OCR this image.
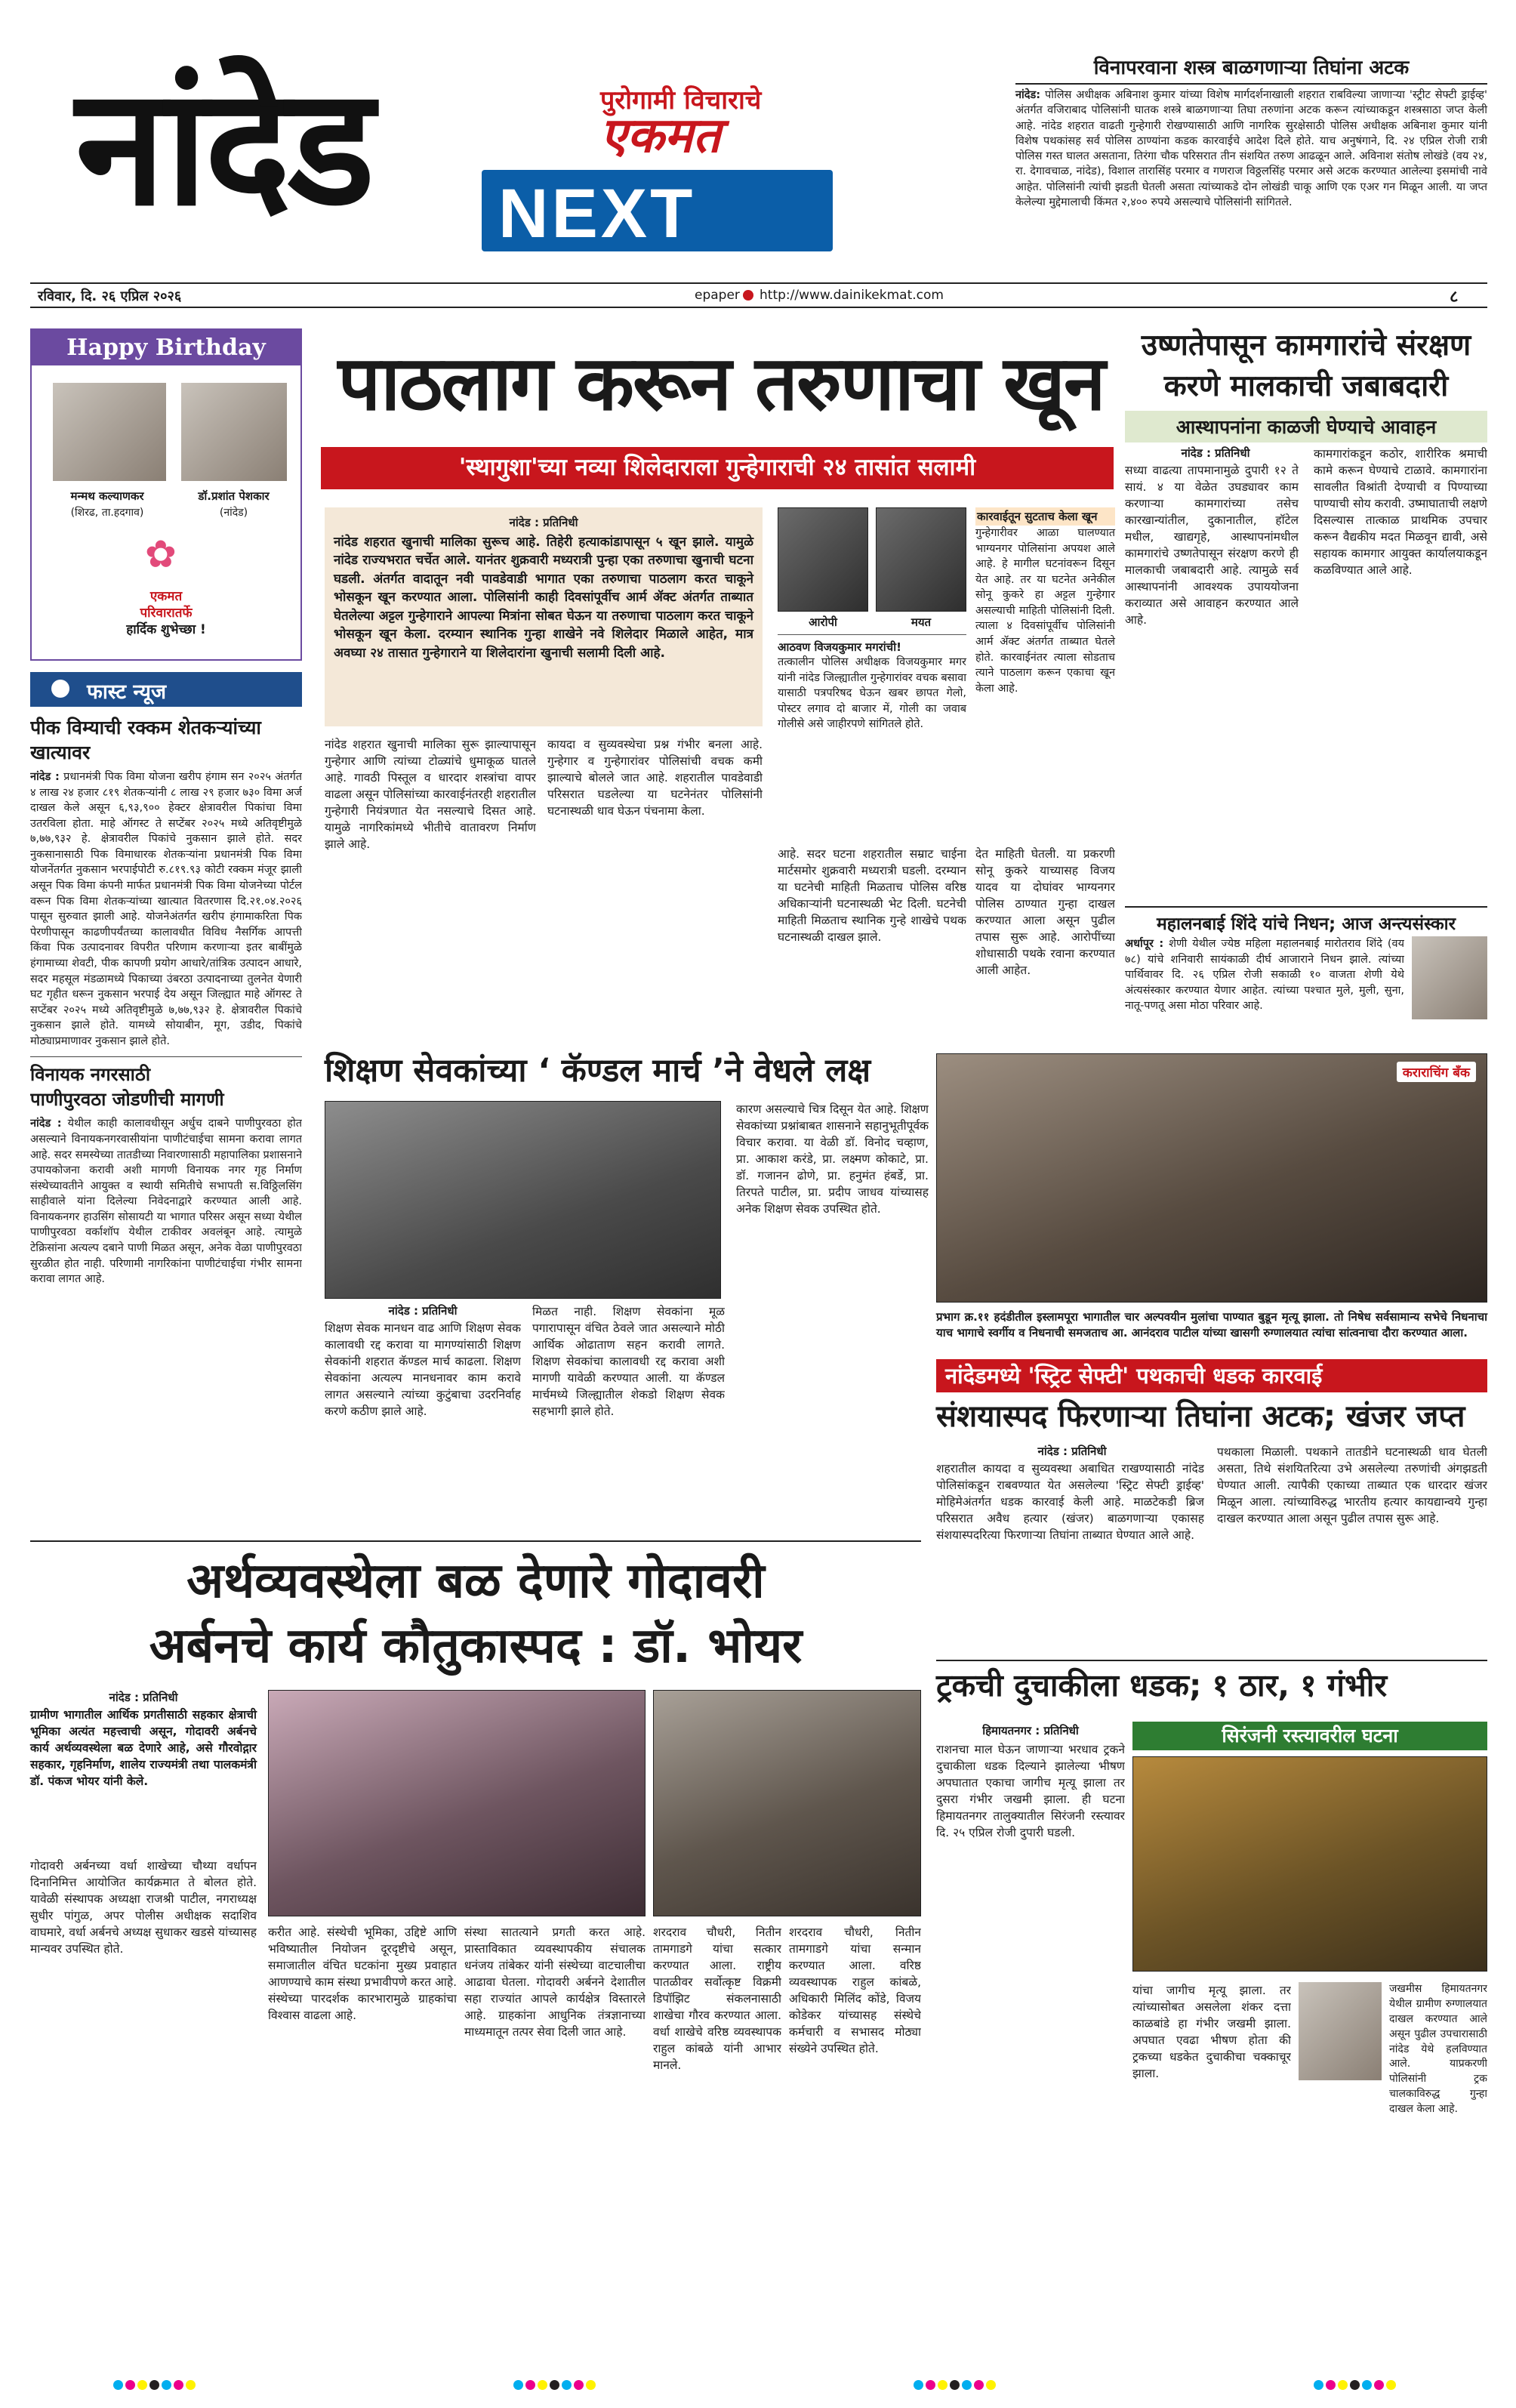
नांदेड	पुरोगामी विचाराचे
एकमत
NEXT
रविवार, दि. २६ एप्रिल २०२६	epaper http://www.dainikekmat.com	८
विनापरवाना शस्त्र बाळगणाऱ्या तिघांना अटक
नांदेड: पोलिस अधीक्षक अबिनाश कुमार यांच्या विशेष मार्गदर्शनाखाली शहरात राबविल्या जाणाऱ्या 'स्ट्रीट सेफ्टी ड्राईव्ह' अंतर्गत वजिराबाद पोलिसांनी घातक शस्त्रे बाळगणाऱ्या तिघा तरुणांना अटक करून त्यांच्याकडून शस्त्रसाठा जप्त केली आहे. नांदेड शहरात वाढती गुन्हेगारी रोखण्यासाठी आणि नागरिक सुरक्षेसाठी पोलिस अधीक्षक अबिनाश कुमार यांनी विशेष पथकांसह सर्व पोलिस ठाण्यांना कडक कारवाईचे आदेश दिले होते. याच अनुषंगाने, दि. २४ एप्रिल रोजी रात्री पोलिस गस्त घालत असताना, तिरंगा चौक परिसरात तीन संशयित तरुण आढळून आले. अविनाश संतोष लोखंडे (वय २४, रा. देगावचाळ, नांदेड), विशाल तारासिंह परमार व गणराज विठ्ठलसिंह परमार असे अटक करण्यात आलेल्या इसमांची नावे आहेत. पोलिसांनी त्यांची झडती घेतली असता त्यांच्याकडे दोन लोखंडी चाकू आणि एक एअर गन मिळून आली. या जप्त केलेल्या मुद्देमालाची किंमत २,४०० रुपये असल्याचे पोलिसांनी सांगितले.
Happy Birthday
मन्मथ कल्याणकर
(शिरढ, ता.हदगाव)
डॉ.प्रशांत पेशकार
(नांदेड)
✿
एकमत
परिवारातर्फे
हार्दिक शुभेच्छा !
फास्ट न्यूज
पीक विम्याची रक्कम शेतकऱ्यांच्या खात्यावर
नांदेड : प्रधानमंत्री पिक विमा योजना खरीप हंगाम सन २०२५ अंतर्गत ४ लाख २४ हजार ८१९ शेतकऱ्यांनी ८ लाख २९ हजार ७३० विमा अर्ज दाखल केले असून ६,९३,९०० हेक्टर क्षेत्रावरील पिकांचा विमा उतरविला होता. माहे ऑगस्ट ते सप्टेंबर २०२५ मध्ये अतिवृष्टीमुळे ७,७७,९३२ हे. क्षेत्रावरील पिकांचे नुकसान झाले होते. सदर नुकसानासाठी पिक विमाधारक शेतकऱ्यांना प्रधानमंत्री पिक विमा योजनेंतर्गत नुकसान भरपाईपोटी रु.८१९.९३ कोटी रक्कम मंजूर झाली असून पिक विमा कंपनी मार्फत प्रधानमंत्री पिक विमा योजनेच्या पोर्टल वरून पिक विमा शेतकऱ्यांच्या खात्यात वितरणास दि.२१.०४.२०२६ पासून सुरुवात झाली आहे. योजनेअंतर्गत खरीप हंगामाकरिता पिक पेरणीपासून काढणीपर्यंतच्या कालावधीत विविध नैसर्गिक आपत्ती किंवा पिक उत्पादनावर विपरीत परिणाम करणाऱ्या इतर बाबींमुळे हंगामाच्या शेवटी, पीक कापणी प्रयोग आधारे/तांत्रिक उत्पादन आधारे, सदर महसूल मंडळामध्ये पिकाच्या उंबरठा उत्पादनाच्या तुलनेत येणारी घट गृहीत धरून नुकसान भरपाई देय असून जिल्ह्यात माहे ऑगस्ट ते सप्टेंबर २०२५ मध्ये अतिवृष्टीमुळे ७,७७,९३२ हे. क्षेत्रावरील पिकांचे नुकसान झाले होते. यामध्ये सोयाबीन, मूग, उडीद, पिकांचे मोठ्याप्रमाणावर नुकसान झाले होते.
विनायक नगरसाठी
पाणीपुरवठा जोडणीची मागणी
नांदेड : येथील काही कालावधीसून अर्धुच दाबने पाणीपुरवठा होत असल्याने विनायकनगरवासीयांना पाणीटंचाईचा सामना करावा लागत आहे. सदर समस्येच्या तातडीच्या निवारणासाठी महापालिका प्रशासनाने उपायकोजना करावी अशी मागणी विनायक नगर गृह निर्माण संस्थेच्यावतीने आयुक्त व स्थायी समितीचे सभापती स.विठ्ठिलसिंग साहीवाले यांना दिलेल्या निवेदनाद्वारे करण्यात आली आहे. विनायकनगर हाउसिंग सोसायटी या भागात परिसर असून सध्या येथील पाणीपुरवठा वर्काशॉप येथील टाकीवर अवलंबून आहे. त्यामुळे टेक्रिसांना अत्यल्प दबाने पाणी मिळत असून, अनेक वेळा पाणीपुरवठा सुरळीत होत नाही. परिणामी नागरिकांना पाणीटंचाईचा गंभीर सामना करावा लागत आहे.
पाठलाग करून तरुणाचा खून
'स्थागुशा'च्या नव्या शिलेदाराला गुन्हेगाराची २४ तासांत सलामी
नांदेड : प्रतिनिधी
नांदेड शहरात खुनाची मालिका सुरूच आहे. तिहेरी हत्याकांडापासून ५ खून झाले. यामुळे नांदेड राज्यभरात चर्चेत आले. यानंतर शुक्रवारी मध्यरात्री पुन्हा एका तरुणाचा खुनाची घटना घडली. अंतर्गत वादातून नवी पावडेवाडी भागात एका तरुणाचा पाठलाग करत चाकूने भोसकून खून करण्यात आला. पोलिसांनी काही दिवसांपूर्वीच आर्म ॲक्ट अंतर्गत ताब्यात घेतलेल्या अट्टल गुन्हेगाराने आपल्या मित्रांना सोबत घेऊन या तरुणाचा पाठलाग करत चाकूने भोसकून खून केला. दरम्यान स्थानिक गुन्हा शाखेने नवे शिलेदार मिळाले आहेत, मात्र अवघ्या २४ तासात गुन्हेगाराने या शिलेदारांना खुनाची सलामी दिली आहे.
आरोपी	मयत
आठवण विजयकुमार मगरांची!
तत्कालीन पोलिस अधीक्षक विजयकुमार मगर यांनी नांदेड जिल्ह्यातील गुन्हेगारांवर वचक बसावा यासाठी पत्रपरिषद घेऊन खबर छापत गेलो, पोस्टर लगाव दो बाजार में, गोली का जवाब गोलीसे असे जाहीरपणे सांगितले होते.
कारवाईतून सुटताच केला खून
गुन्हेगारीवर आळा घालण्यात भाग्यनगर पोलिसांना अपयश आले आहे. हे मागील घटनांवरून दिसून येत आहे. तर या घटनेत अनेकील सोनू कुकरे हा अट्टल गुन्हेगार असल्याची माहिती पोलिसांनी दिली. त्याला ४ दिवसांपूर्वीच पोलिसांनी आर्म ॲक्ट अंतर्गत ताब्यात घेतले होते. कारवाईनंतर त्याला सोडताच त्याने पाठलाग करून एकाचा खून केला आहे.
नांदेड शहरात खुनाची मालिका सुरू झाल्यापासून गुन्हेगार आणि त्यांच्या टोळ्यांचे धुमाकूळ घातले आहे. गावठी पिस्तूल व धारदार शस्त्रांचा वापर वाढला असून पोलिसांच्या कारवाईनंतरही शहरातील गुन्हेगारी नियंत्रणात येत नसल्याचे दिसत आहे. यामुळे नागरिकांमध्ये भीतीचे वातावरण निर्माण झाले आहे.
कायदा व सुव्यवस्थेचा प्रश्न गंभीर बनला आहे. गुन्हेगार व गुन्हेगारांवर पोलिसांची वचक कमी झाल्याचे बोलले जात आहे. शहरातील पावडेवाडी परिसरात घडलेल्या या घटनेनंतर पोलिसांनी घटनास्थळी धाव घेऊन पंचनामा केला.
आहे. सदर घटना शहरातील सम्राट चाईना मार्टसमोर शुक्रवारी मध्यरात्री घडली. दरम्यान या घटनेची माहिती मिळताच पोलिस वरिष्ठ अधिकाऱ्यांनी घटनास्थळी भेट दिली. घटनेची माहिती मिळताच स्थानिक गुन्हे शाखेचे पथक घटनास्थळी दाखल झाले.
देत माहिती घेतली. या प्रकरणी सोनू कुकरे याच्यासह विजय यादव या दोघांवर भाग्यनगर पोलिस ठाण्यात गुन्हा दाखल करण्यात आला असून पुढील तपास सुरू आहे. आरोपींच्या शोधासाठी पथके रवाना करण्यात आली आहेत.
उष्णतेपासून कामगारांचे संरक्षण
करणे मालकाची जबाबदारी
आस्थापनांना काळजी घेण्याचे आवाहन
नांदेड : प्रतिनिधी
सध्या वाढत्या तापमानामुळे दुपारी १२ ते सायं. ४ या वेळेत उघड्यावर काम करणाऱ्या कामगारांच्या तसेच कारखान्यांतील, दुकानातील, हॉटेल मधील, खाद्यगृहे, आस्थापनांमधील कामगारांचे उष्णतेपासून संरक्षण करणे ही मालकाची जबाबदारी आहे. त्यामुळे सर्व आस्थापनांनी आवश्यक उपाययोजना कराव्यात असे आवाहन करण्यात आले आहे.
कामगारांकडून कठोर, शारीरिक श्रमाची कामे करून घेण्याचे टाळावे. कामगारांना सावलीत विश्रांती देण्याची व पिण्याच्या पाण्याची सोय करावी. उष्माघाताची लक्षणे दिसल्यास तात्काळ प्राथमिक उपचार करून वैद्यकीय मदत मिळवून द्यावी, असे सहायक कामगार आयुक्त कार्यालयाकडून कळविण्यात आले आहे.
महालनबाई शिंदे यांचे निधन; आज अन्त्यसंस्कार
अर्धापूर : शेणी येथील ज्येष्ठ महिला महालनबाई मारोतराव शिंदे (वय ७८) यांचे शनिवारी सायंकाळी दीर्घ आजाराने निधन झाले. त्यांच्या पार्थिवावर दि. २६ एप्रिल रोजी सकाळी १० वाजता शेणी येथे अंत्यसंस्कार करण्यात येणार आहेत. त्यांच्या पश्चात मुले, मुली, सुना, नातू-पणतू असा मोठा परिवार आहे.
शिक्षण सेवकांच्या ‘ कॅण्डल मार्च ’ने वेधले लक्ष
नांदेड : प्रतिनिधी
शिक्षण सेवक मानधन वाढ आणि शिक्षण सेवक कालावधी रद्द करावा या मागण्यांसाठी शिक्षण सेवकांनी शहरात कॅण्डल मार्च काढला. शिक्षण सेवकांना अत्यल्प मानधनावर काम करावे लागत असल्याने त्यांच्या कुटुंबाचा उदरनिर्वाह करणे कठीण झाले आहे.
मिळत नाही. शिक्षण सेवकांना मूळ पगारापासून वंचित ठेवले जात असल्याने मोठी आर्थिक ओढाताण सहन करावी लागते. शिक्षण सेवकांचा कालावधी रद्द करावा अशी मागणी यावेळी करण्यात आली. या कॅण्डल मार्चमध्ये जिल्ह्यातील शेकडो शिक्षण सेवक सहभागी झाले होते.
कारण असल्याचे चित्र दिसून येत आहे. शिक्षण सेवकांच्या प्रश्नांबाबत शासनाने सहानुभूतीपूर्वक विचार करावा. या वेळी डॉ. विनोद चव्हाण, प्रा. आकाश करंडे, प्रा. लक्ष्मण कोकाटे, प्रा. डॉ. गजानन ढोणे, प्रा. हनुमंत हंबर्डे, प्रा. तिरपते पाटील, प्रा. प्रदीप जाधव यांच्यासह अनेक शिक्षण सेवक उपस्थित होते.
कराराचिंग बँक
प्रभाग क्र.११ हदंडीतील इस्लामपूरा भागातील चार अल्पवयीन मुलांचा पाण्यात बुडून मृत्यू झाला. तो निषेध सर्वसामान्य सभेचे निधनाचा याच भागाचे स्वर्गीय व निधनाची समजताच आ. आनंदराव पाटील यांच्या खासगी रुग्णालयात त्यांचा सांत्वनाचा दौरा करण्यात आला.
नांदेडमध्ये 'स्ट्रिट सेफ्टी' पथकाची धडक कारवाई
संशयास्पद फिरणाऱ्या तिघांना अटक; खंजर जप्त
नांदेड : प्रतिनिधी
शहरातील कायदा व सुव्यवस्था अबाधित राखण्यासाठी नांदेड पोलिसांकडून राबवण्यात येत असलेल्या 'स्ट्रिट सेफ्टी ड्राईव्ह' मोहिमेअंतर्गत धडक कारवाई केली आहे. माळटेकडी ब्रिज परिसरात अवैध हत्यार (खंजर) बाळगणाऱ्या एकासह संशयास्पदरित्या फिरणाऱ्या तिघांना ताब्यात घेण्यात आले आहे.
पथकाला मिळाली. पथकाने तातडीने घटनास्थळी धाव घेतली असता, तिथे संशयितरित्या उभे असलेल्या तरुणांची अंगझडती घेण्यात आली. त्यापैकी एकाच्या ताब्यात एक धारदार खंजर मिळून आला. त्यांच्याविरुद्ध भारतीय हत्यार कायद्यान्वये गुन्हा दाखल करण्यात आला असून पुढील तपास सुरू आहे.
अर्थव्यवस्थेला बळ देणारे गोदावरी
अर्बनचे कार्य कौतुकास्पद : डॉ. भोयर
नांदेड : प्रतिनिधी
ग्रामीण भागातील आर्थिक प्रगतीसाठी सहकार क्षेत्राची भूमिका अत्यंत महत्त्वाची असून, गोदावरी अर्बनचे कार्य अर्थव्यवस्थेला बळ देणारे आहे, असे गौरवोद्गार सहकार, गृहनिर्माण, शालेय राज्यमंत्री तथा पालकमंत्री डॉ. पंकज भोयर यांनी केले.
गोदावरी अर्बनच्या वर्धा शाखेच्या चौथ्या वर्धापन दिनानिमित्त आयोजित कार्यक्रमात ते बोलत होते. यावेळी संस्थापक अध्यक्षा राजश्री पाटील, नगराध्यक्ष सुधीर पांगुळ, अपर पोलीस अधीक्षक सदाशिव वाघमारे, वर्धा अर्बनचे अध्यक्ष सुधाकर खडसे यांच्यासह मान्यवर उपस्थित होते.
करीत आहे. संस्थेची भूमिका, उद्दिष्टे आणि भविष्यातील नियोजन दूरदृष्टीचे असून, समाजातील वंचित घटकांना मुख्य प्रवाहात आणण्याचे काम संस्था प्रभावीपणे करत आहे. संस्थेच्या पारदर्शक कारभारामुळे ग्राहकांचा विश्वास वाढला आहे.
संस्था सातत्याने प्रगती करत आहे. प्रास्ताविकात व्यवस्थापकीय संचालक धनंजय तांबेकर यांनी संस्थेच्या वाटचालीचा आढावा घेतला. गोदावरी अर्बनने देशातील सहा राज्यांत आपले कार्यक्षेत्र विस्तारले आहे. ग्राहकांना आधुनिक तंत्रज्ञानाच्या माध्यमातून तत्पर सेवा दिली जात आहे.
शरदराव चौधरी, नितीन तामगाडगे यांचा सत्कार करण्यात आला. राष्ट्रीय पातळीवर सर्वोत्कृष्ट विक्रमी डिपॉझिट संकलनासाठी शाखेचा गौरव करण्यात आला. वर्धा शाखेचे वरिष्ठ व्यवस्थापक राहुल कांबळे यांनी आभार मानले.
शरदराव चौधरी, नितीन तामगाडगे यांचा सन्मान करण्यात आला. वरिष्ठ व्यवस्थापक राहुल कांबळे, अधिकारी मिलिंद कोंडे, विजय कोडेकर यांच्यासह संस्थेचे कर्मचारी व सभासद मोठ्या संख्येने उपस्थित होते.
ट्रकची दुचाकीला धडक; १ ठार, १ गंभीर
सिरंजनी रस्त्यावरील घटना
हिमायतनगर : प्रतिनिधी
राशनचा माल घेऊन जाणाऱ्या भरधाव ट्रकने दुचाकीला धडक दिल्याने झालेल्या भीषण अपघातात एकाचा जागीच मृत्यू झाला तर दुसरा गंभीर जखमी झाला. ही घटना हिमायतनगर तालुक्यातील सिरंजनी रस्त्यावर दि. २५ एप्रिल रोजी दुपारी घडली.
यांचा जागीच मृत्यू झाला. तर त्यांच्यासोबत असलेला शंकर दत्ता काळबांडे हा गंभीर जखमी झाला. अपघात एवढा भीषण होता की ट्रकच्या धडकेत दुचाकीचा चक्काचूर झाला.
जखमीस हिमायतनगर येथील ग्रामीण रुग्णालयात दाखल करण्यात आले असून पुढील उपचारासाठी नांदेड येथे हलविण्यात आले. याप्रकरणी पोलिसांनी ट्रक चालकाविरुद्ध गुन्हा दाखल केला आहे.
